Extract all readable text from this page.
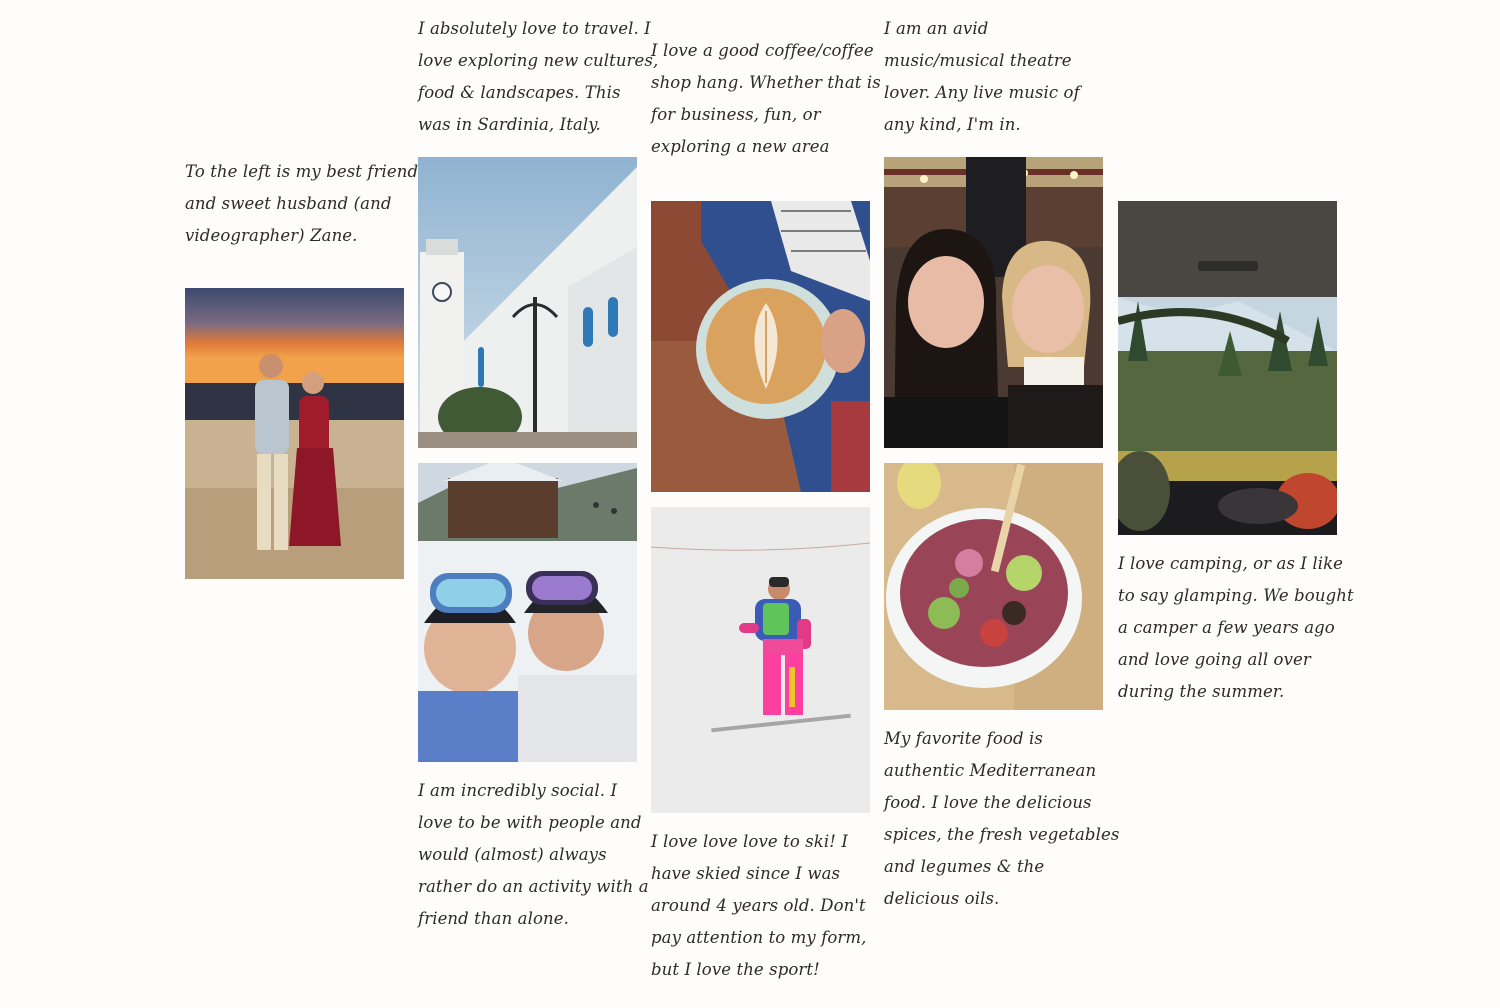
To the left is my best friend
and sweet husband (and
videographer) Zane.

I absolutely love to travel. I
love exploring new cultures,
food & landscapes. This
was in Sardinia, Italy.

I am incredibly social. I
love to be with people and
would (almost) always
rather do an activity with a
friend than alone.

I love a good coffee/coffee
shop hang. Whether that is
for business, fun, or
exploring a new area

I love love love to ski! I
have skied since I was
around 4 years old. Don't
pay attention to my form,
but I love the sport!

I am an avid
music/musical theatre
lover. Any live music of
any kind, I'm in.

My favorite food is
authentic Mediterranean
food. I love the delicious
spices, the fresh vegetables
and legumes & the
delicious oils.

I love camping, or as I like
to say glamping. We bought
a camper a few years ago
and love going all over
during the summer.
